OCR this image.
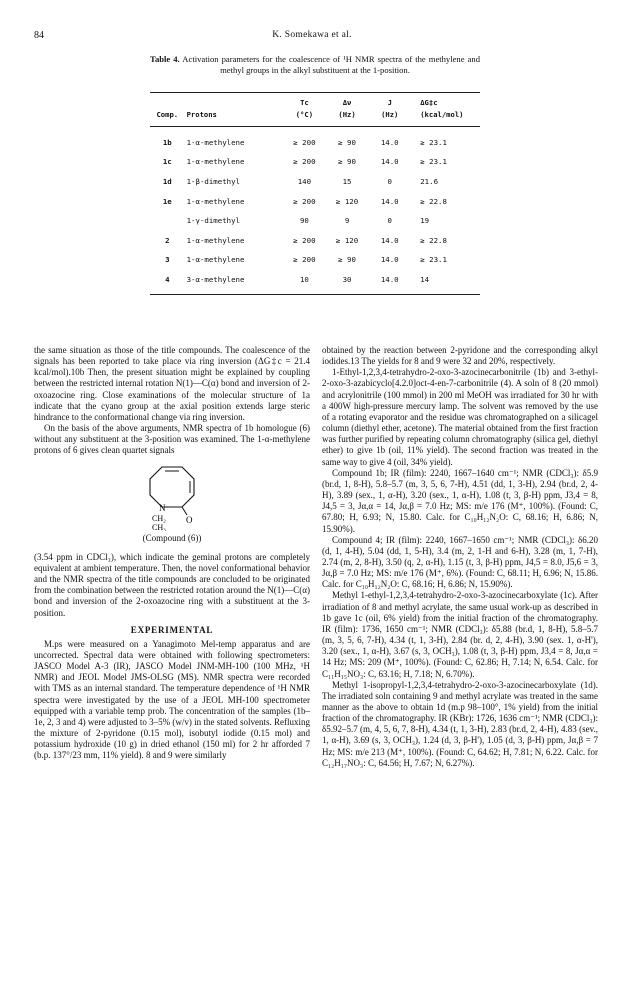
84	K. Somekawa et al.
Table 4. Activation parameters for the coalescence of ¹H NMR spectra of the methylene and methyl groups in the alkyl substituent at the 1-position.
		Tc	Δν	J	ΔG‡c
Comp.	Protons	(°C)	(Hz)	(Hz)	(kcal/mol)
1b	1-α-methylene	≥ 200	≥ 90	14.0	≥ 23.1
1c	1-α-methylene	≥ 200	≥ 90	14.0	≥ 23.1
1d	1-β-dimethyl	140	15	0	21.6
1e	1-α-methylene	≥ 200	≥ 120	14.0	≥ 22.8
	1-γ-dimethyl	90	9	0	19
2	1-α-methylene	≥ 200	≥ 120	14.0	≥ 22.8
3	1-α-methylene	≥ 200	≥ 90	14.0	≥ 23.1
4	3-α-methylene	10	30	14.0	14

the same situation as those of the title compounds. The coalescence of the signals has been reported to take place via ring inversion (ΔG‡c = 21.4 kcal/mol).10b Then, the present situation might be explained by coupling between the restricted internal rotation N(1)—C(α) bond and inversion of 2-oxoazocine ring. Close examinations of the molecular structure of 1a indicate that the cyano group at the axial position extends large steric hindrance to the conformational change via ring inversion.

On the basis of the above arguments, NMR spectra of 1b homologue (6) without any substituent at the 3-position was examined. The 1-α-methylene protons of 6 gives clean quartet signals

N
O
CH₂
CH₃
(Compound (6))

(3.54 ppm in CDCl₃), which indicate the geminal protons are completely equivalent at ambient temperature. Then, the novel conformational behavior and the NMR spectra of the title compounds are concluded to be originated from the combination between the restricted rotation around the N(1)—C(α) bond and inversion of the 2-oxoazocine ring with a substituent at the 3-position.

EXPERIMENTAL

M.ps were measured on a Yanagimoto Mel-temp apparatus and are uncorrected. Spectral data were obtained with following spectrometers: JASCO Model A-3 (IR), JASCO Model JNM-MH-100 (100 MHz, ¹H NMR) and JEOL Model JMS-OLSG (MS). NMR spectra were recorded with TMS as an internal standard. The temperature dependence of ¹H NMR spectra were investigated by the use of a JEOL MH-100 spectrometer equipped with a variable temp prob. The concentration of the samples (1b–1e, 2, 3 and 4) were adjusted to 3–5% (w/v) in the stated solvents. Refluxing the mixture of 2-pyridone (0.15 mol), isobutyl iodide (0.15 mol) and potassium hydroxide (10 g) in dried ethanol (150 ml) for 2 hr afforded 7 (b.p. 137°/23 mm, 11% yield). 8 and 9 were similarly

obtained by the reaction between 2-pyridone and the corresponding alkyl iodides.13 The yields for 8 and 9 were 32 and 20%, respectively.

1-Ethyl-1,2,3,4-tetrahydro-2-oxo-3-azocinecarbonitrile (1b) and 3-ethyl-2-oxo-3-azabicyclo[4.2.0]oct-4-en-7-carbonitrile (4). A soln of 8 (20 mmol) and acrylonitrile (100 mmol) in 200 ml MeOH was irradiated for 30 hr with a 400W high-pressure mercury lamp. The solvent was removed by the use of a rotating evaporator and the residue was chromatographed on a silicagel column (diethyl ether, acetone). The material obtained from the first fraction was further purified by repeating column chromatography (silica gel, diethyl ether) to give 1b (oil, 11% yield). The second fraction was treated in the same way to give 4 (oil, 34% yield).

Compound 1b; IR (film): 2240, 1667–1640 cm⁻¹; NMR (CDCl₃): δ5.9 (br.d, 1, 8-H), 5.8–5.7 (m, 3, 5, 6, 7-H), 4.51 (dd, 1, 3-H), 2.94 (br.d, 2, 4-H), 3.89 (sex., 1, α-H), 3.20 (sex., 1, α-H), 1.08 (t, 3, β-H) ppm, J3,4 = 8, J4,5 = 3, Jα,α = 14, Jα,β = 7.0 Hz; MS: m/e 176 (M⁺, 100%). (Found: C, 67.80; H, 6.93; N, 15.80. Calc. for C₁₀H₁₂N₂O: C, 68.16; H, 6.86; N, 15.90%).

Compound 4; IR (film): 2240, 1667–1650 cm⁻¹; NMR (CDCl₃): δ6.20 (d, 1, 4-H), 5.04 (dd, 1, 5-H), 3.4 (m, 2, 1-H and 6-H), 3.28 (m, 1, 7-H), 2.74 (m, 2, 8-H), 3.50 (q, 2, α-H), 1.15 (t, 3, β-H) ppm, J4,5 = 8.0, J5,6 = 3, Jα,β = 7.0 Hz; MS: m/e 176 (M⁺, 6%). (Found: C, 68.11; H, 6.96; N, 15.86. Calc. for C₁₀H₁₂N₂O: C, 68.16; H, 6.86; N, 15.90%).

Methyl 1-ethyl-1,2,3,4-tetrahydro-2-oxo-3-azocinecarboxylate (1c). After irradiation of 8 and methyl acrylate, the same usual work-up as described in 1b gave 1c (oil, 6% yield) from the initial fraction of the chromatography. IR (film): 1736, 1650 cm⁻¹; NMR (CDCl₃): δ5.88 (br.d, 1, 8-H), 5.8–5.7 (m, 3, 5, 6, 7-H), 4.34 (t, 1, 3-H), 2.84 (br. d, 2, 4-H), 3.90 (sex. 1, α-H'), 3.20 (sex., 1, α-H), 3.67 (s, 3, OCH₃), 1.08 (t, 3, β-H) ppm, J3,4 = 8, Jα,α = 14 Hz; MS: 209 (M⁺, 100%). (Found: C, 62.86; H, 7.14; N, 6.54. Calc. for C₁₁H₁₅NO₃: C, 63.16; H, 7.18; N, 6.70%).

Methyl 1-isopropyl-1,2,3,4-tetrahydro-2-oxo-3-azocinecarboxylate (1d). The irradiated soln containing 9 and methyl acrylate was treated in the same manner as the above to obtain 1d (m.p 98–100°, 1% yield) from the initial fraction of the chromatography. IR (KBr): 1726, 1636 cm⁻¹; NMR (CDCl₃): δ5.92–5.7 (m, 4, 5, 6, 7, 8-H), 4.34 (t, 1, 3-H), 2.83 (br.d, 2, 4-H), 4.83 (sev., 1, α-H), 3.69 (s, 3, OCH₃), 1.24 (d, 3, β-H'), 1.05 (d, 3, β-H) ppm, Jα,β = 7 Hz; MS: m/e 213 (M⁺, 100%). (Found: C, 64.62; H, 7.81; N, 6.22. Calc. for C₁₂H₁₇NO₃: C, 64.56; H, 7.67; N, 6.27%).
